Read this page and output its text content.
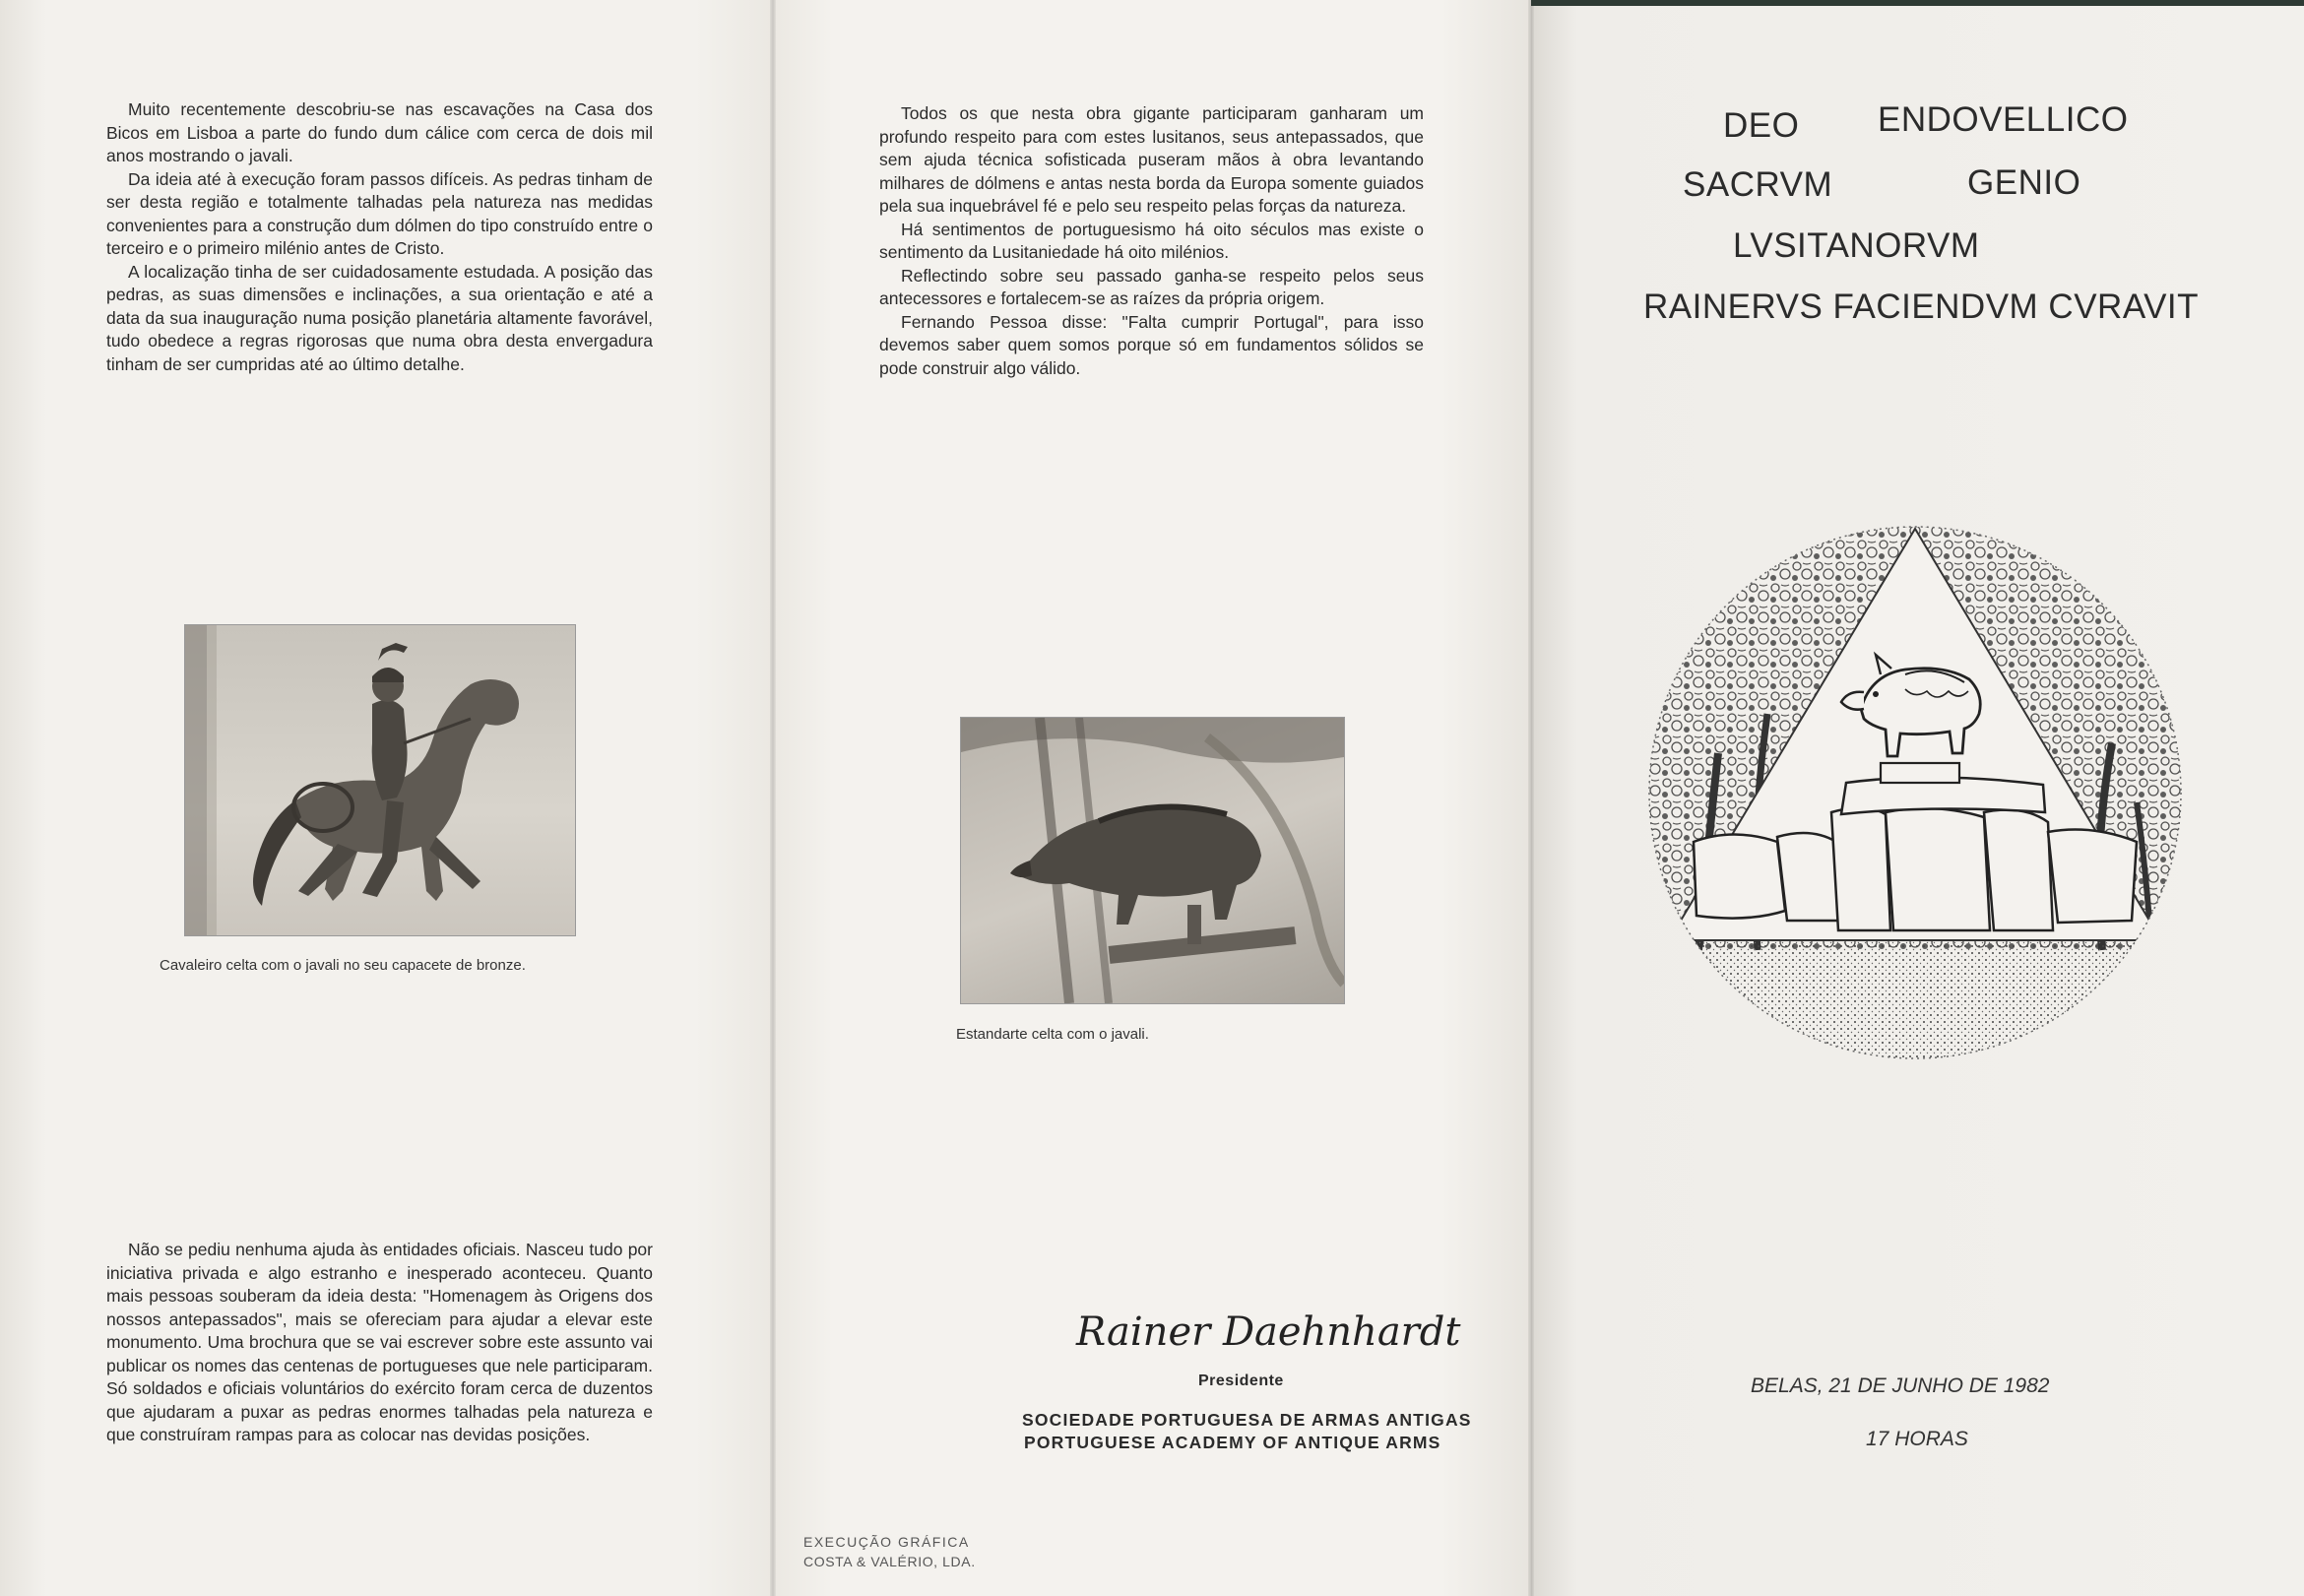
Muito recentemente descobriu-se nas escavações na Casa dos Bicos em Lisboa a parte do fundo dum cálice com cerca de dois mil anos mostrando o javali.

Da ideia até à execução foram passos difíceis. As pedras tinham de ser desta região e totalmente talhadas pela natureza nas medidas convenientes para a construção dum dólmen do tipo construído entre o terceiro e o primeiro milénio antes de Cristo.

A localização tinha de ser cuidadosamente estudada. A posição das pedras, as suas dimensões e inclinações, a sua orientação e até a data da sua inauguração numa posição planetária altamente favorável, tudo obedece a regras rigorosas que numa obra desta envergadura tinham de ser cumpridas até ao último detalhe.

Cavaleiro celta com o javali no seu capacete de bronze.

Não se pediu nenhuma ajuda às entidades oficiais. Nasceu tudo por iniciativa privada e algo estranho e inesperado aconteceu. Quanto mais pessoas souberam da ideia desta: "Homenagem às Origens dos nossos antepassados", mais se ofereciam para ajudar a elevar este monumento. Uma brochura que se vai escrever sobre este assunto vai publicar os nomes das centenas de portugueses que nele participaram. Só soldados e oficiais voluntários do exército foram cerca de duzentos que ajudaram a puxar as pedras enormes talhadas pela natureza e que construíram rampas para as colocar nas devidas posições.

Todos os que nesta obra gigante participaram ganharam um profundo respeito para com estes lusitanos, seus antepassados, que sem ajuda técnica sofisticada puseram mãos à obra levantando milhares de dólmens e antas nesta borda da Europa somente guiados pela sua inquebrável fé e pelo seu respeito pelas forças da natureza.

Há sentimentos de portuguesismo há oito séculos mas existe o sentimento da Lusitaniedade há oito milénios.

Reflectindo sobre seu passado ganha-se respeito pelos seus antecessores e fortalecem-se as raízes da própria origem.

Fernando Pessoa disse: "Falta cumprir Portugal", para isso devemos saber quem somos porque só em fundamentos sólidos se pode construir algo válido.

Estandarte celta com o javali.
Rainer Daehnhardt
Presidente
SOCIEDADE PORTUGUESA DE ARMAS ANTIGAS
PORTUGUESE ACADEMY OF ANTIQUE ARMS
EXECUÇÃO GRÁFICA
COSTA & VALÉRIO, LDA.
DEO ENDOVELLICO
SACRVM	GENIO
LVSITANORVM
RAINERVS FACIENDVM CVRAVIT
BELAS, 21 DE JUNHO DE 1982
17 HORAS
